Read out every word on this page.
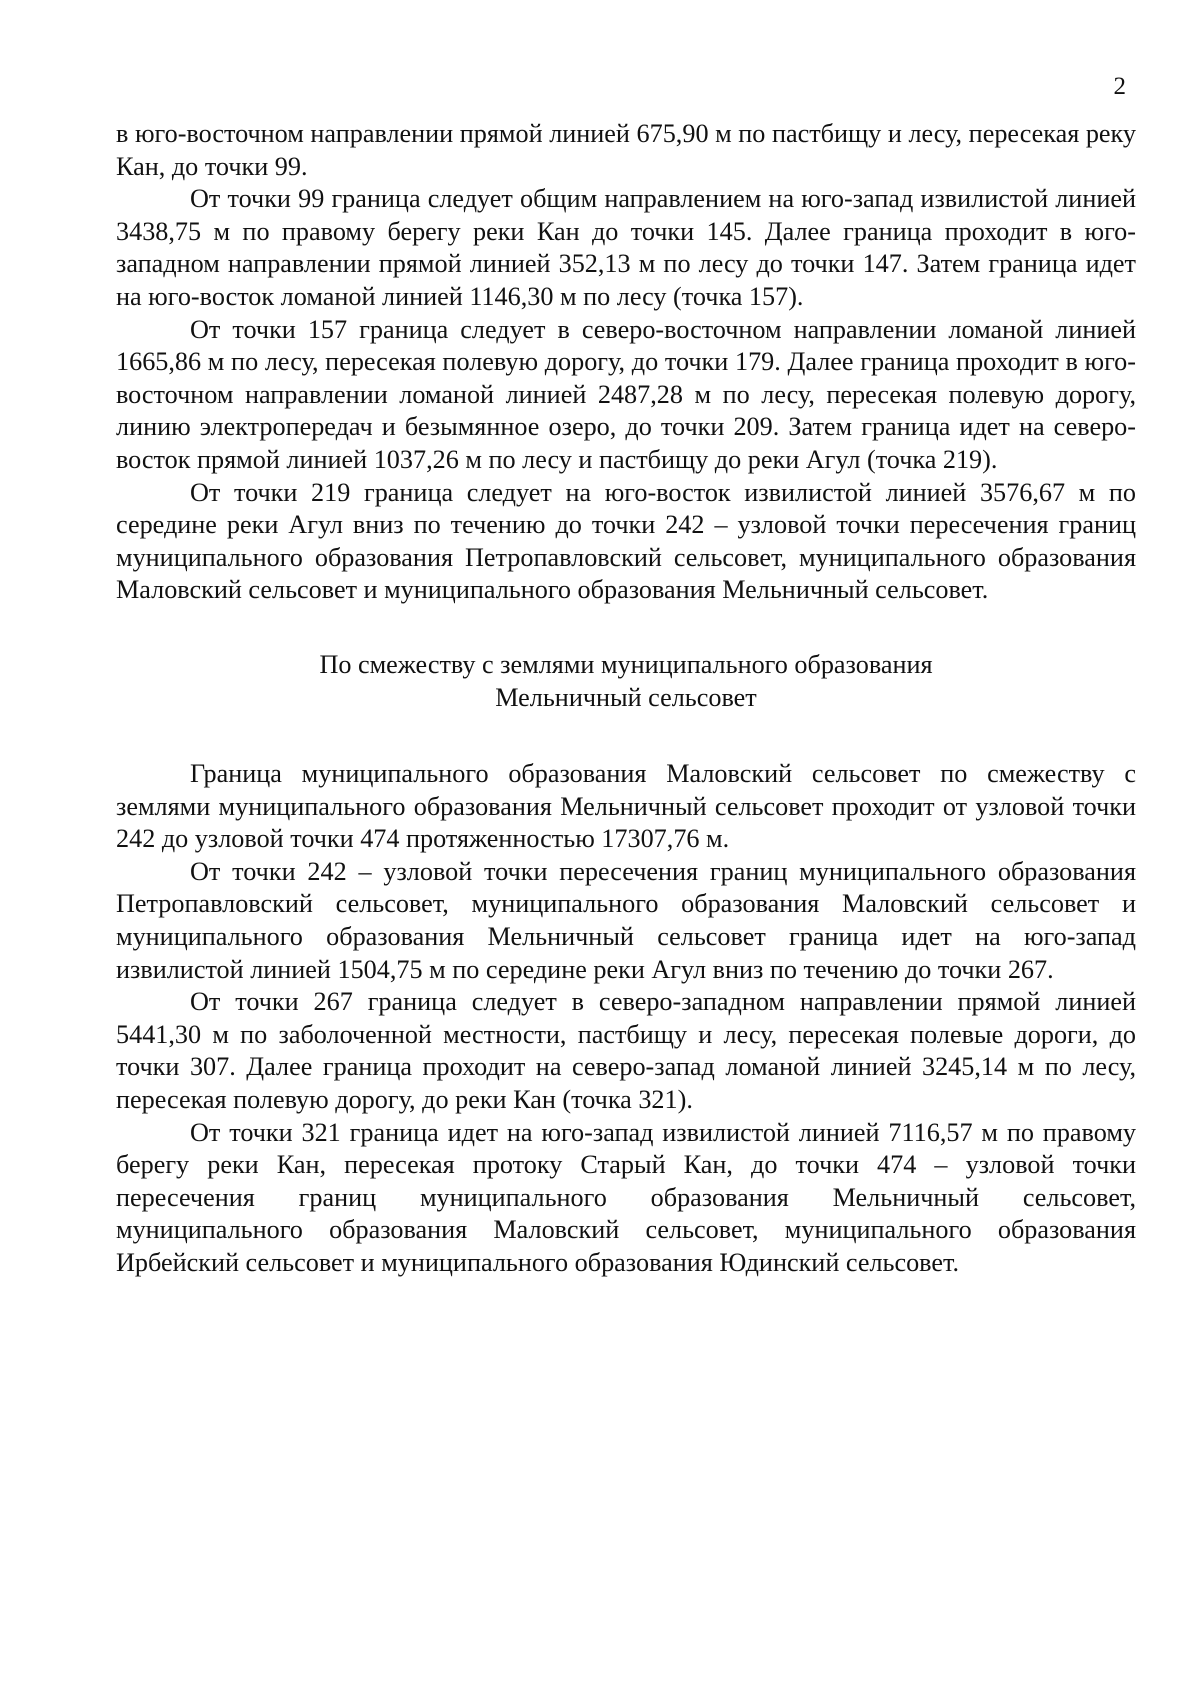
2

в юго-восточном направлении прямой линией 675,90 м по пастбищу и лесу, пересекая реку Кан, до точки 99.

От точки 99 граница следует общим направлением на юго-запад извилистой линией 3438,75 м по правому берегу реки Кан до точки 145. Далее граница проходит в юго-западном направлении прямой линией 352,13 м по лесу до точки 147. Затем граница идет на юго-восток ломаной линией 1146,30 м по лесу (точка 157).

От точки 157 граница следует в северо-восточном направлении ломаной линией 1665,86 м по лесу, пересекая полевую дорогу, до точки 179. Далее граница проходит в юго-восточном направлении ломаной линией 2487,28 м по лесу, пересекая полевую дорогу, линию электропередач и безымянное озеро, до точки 209. Затем граница идет на северо-восток прямой линией 1037,26 м по лесу и пастбищу до реки Агул (точка 219).

От точки 219 граница следует на юго-восток извилистой линией 3576,67 м по середине реки Агул вниз по течению до точки 242 – узловой точки пересечения границ муниципального образования Петропавловский сельсовет, муниципального образования Маловский сельсовет и муниципального образования Мельничный сельсовет.

По смежеству с землями муниципального образования
Мельничный сельсовет

Граница муниципального образования Маловский сельсовет по смежеству с землями муниципального образования Мельничный сельсовет проходит от узловой точки 242 до узловой точки 474 протяженностью 17307,76 м.

От точки 242 – узловой точки пересечения границ муниципального образования Петропавловский сельсовет, муниципального образования Маловский сельсовет и муниципального образования Мельничный сельсовет граница идет на юго-запад извилистой линией 1504,75 м по середине реки Агул вниз по течению до точки 267.

От точки 267 граница следует в северо-западном направлении прямой линией 5441,30 м по заболоченной местности, пастбищу и лесу, пересекая полевые дороги, до точки 307. Далее граница проходит на северо-запад ломаной линией 3245,14 м по лесу, пересекая полевую дорогу, до реки Кан (точка 321).

От точки 321 граница идет на юго-запад извилистой линией 7116,57 м по правому берегу реки Кан, пересекая протоку Старый Кан, до точки 474 – узловой точки пересечения границ муниципального образования Мельничный сельсовет, муниципального образования Маловский сельсовет, муниципального образования Ирбейский сельсовет и муниципального образования Юдинский сельсовет.
